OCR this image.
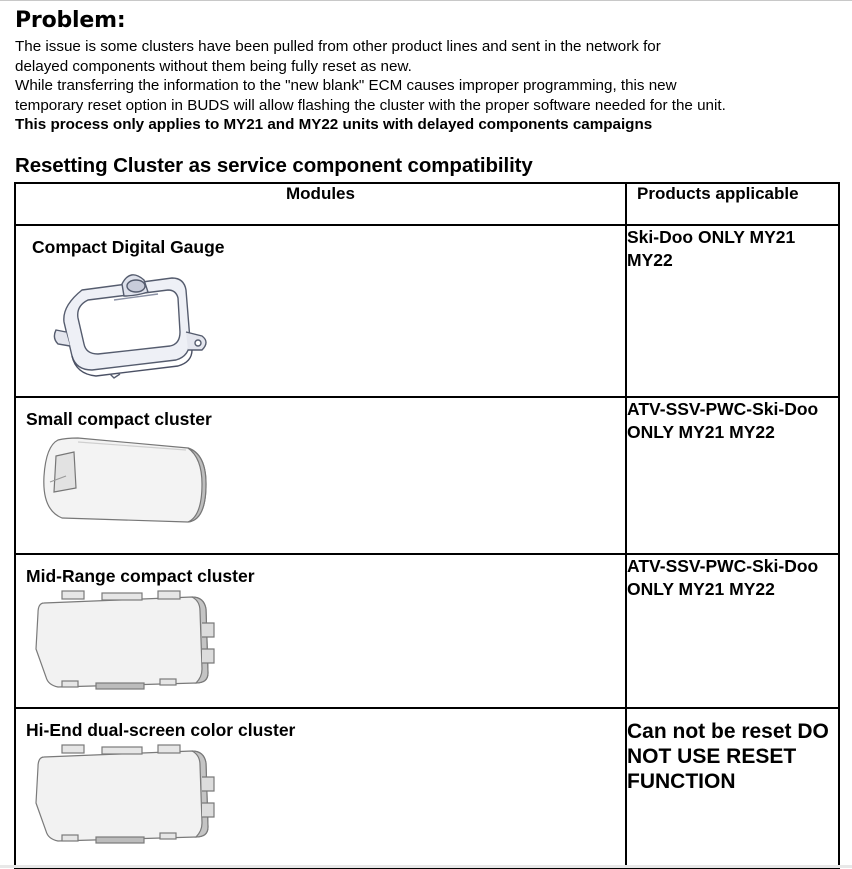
Problem:

The issue is some clusters have been pulled from other product lines and sent in the network for

delayed components without them being fully reset as new.

While transferring the information to the "new blank" ECM causes improper programming, this new

temporary reset option in BUDS will allow flashing the cluster with the proper software needed for the unit.

This process only applies to MY21 and MY22 units with delayed components campaigns

Resetting Cluster as service component compatibility
Modules	Products applicable

Compact Digital Gauge	Ski-Doo ONLY MY21 MY22

Small compact cluster	ATV-SSV-PWC-Ski-Doo ONLY MY21 MY22

Mid-Range compact cluster	ATV-SSV-PWC-Ski-Doo ONLY MY21 MY22

Hi-End dual-screen color cluster	Can not be reset DO NOT USE RESET FUNCTION
